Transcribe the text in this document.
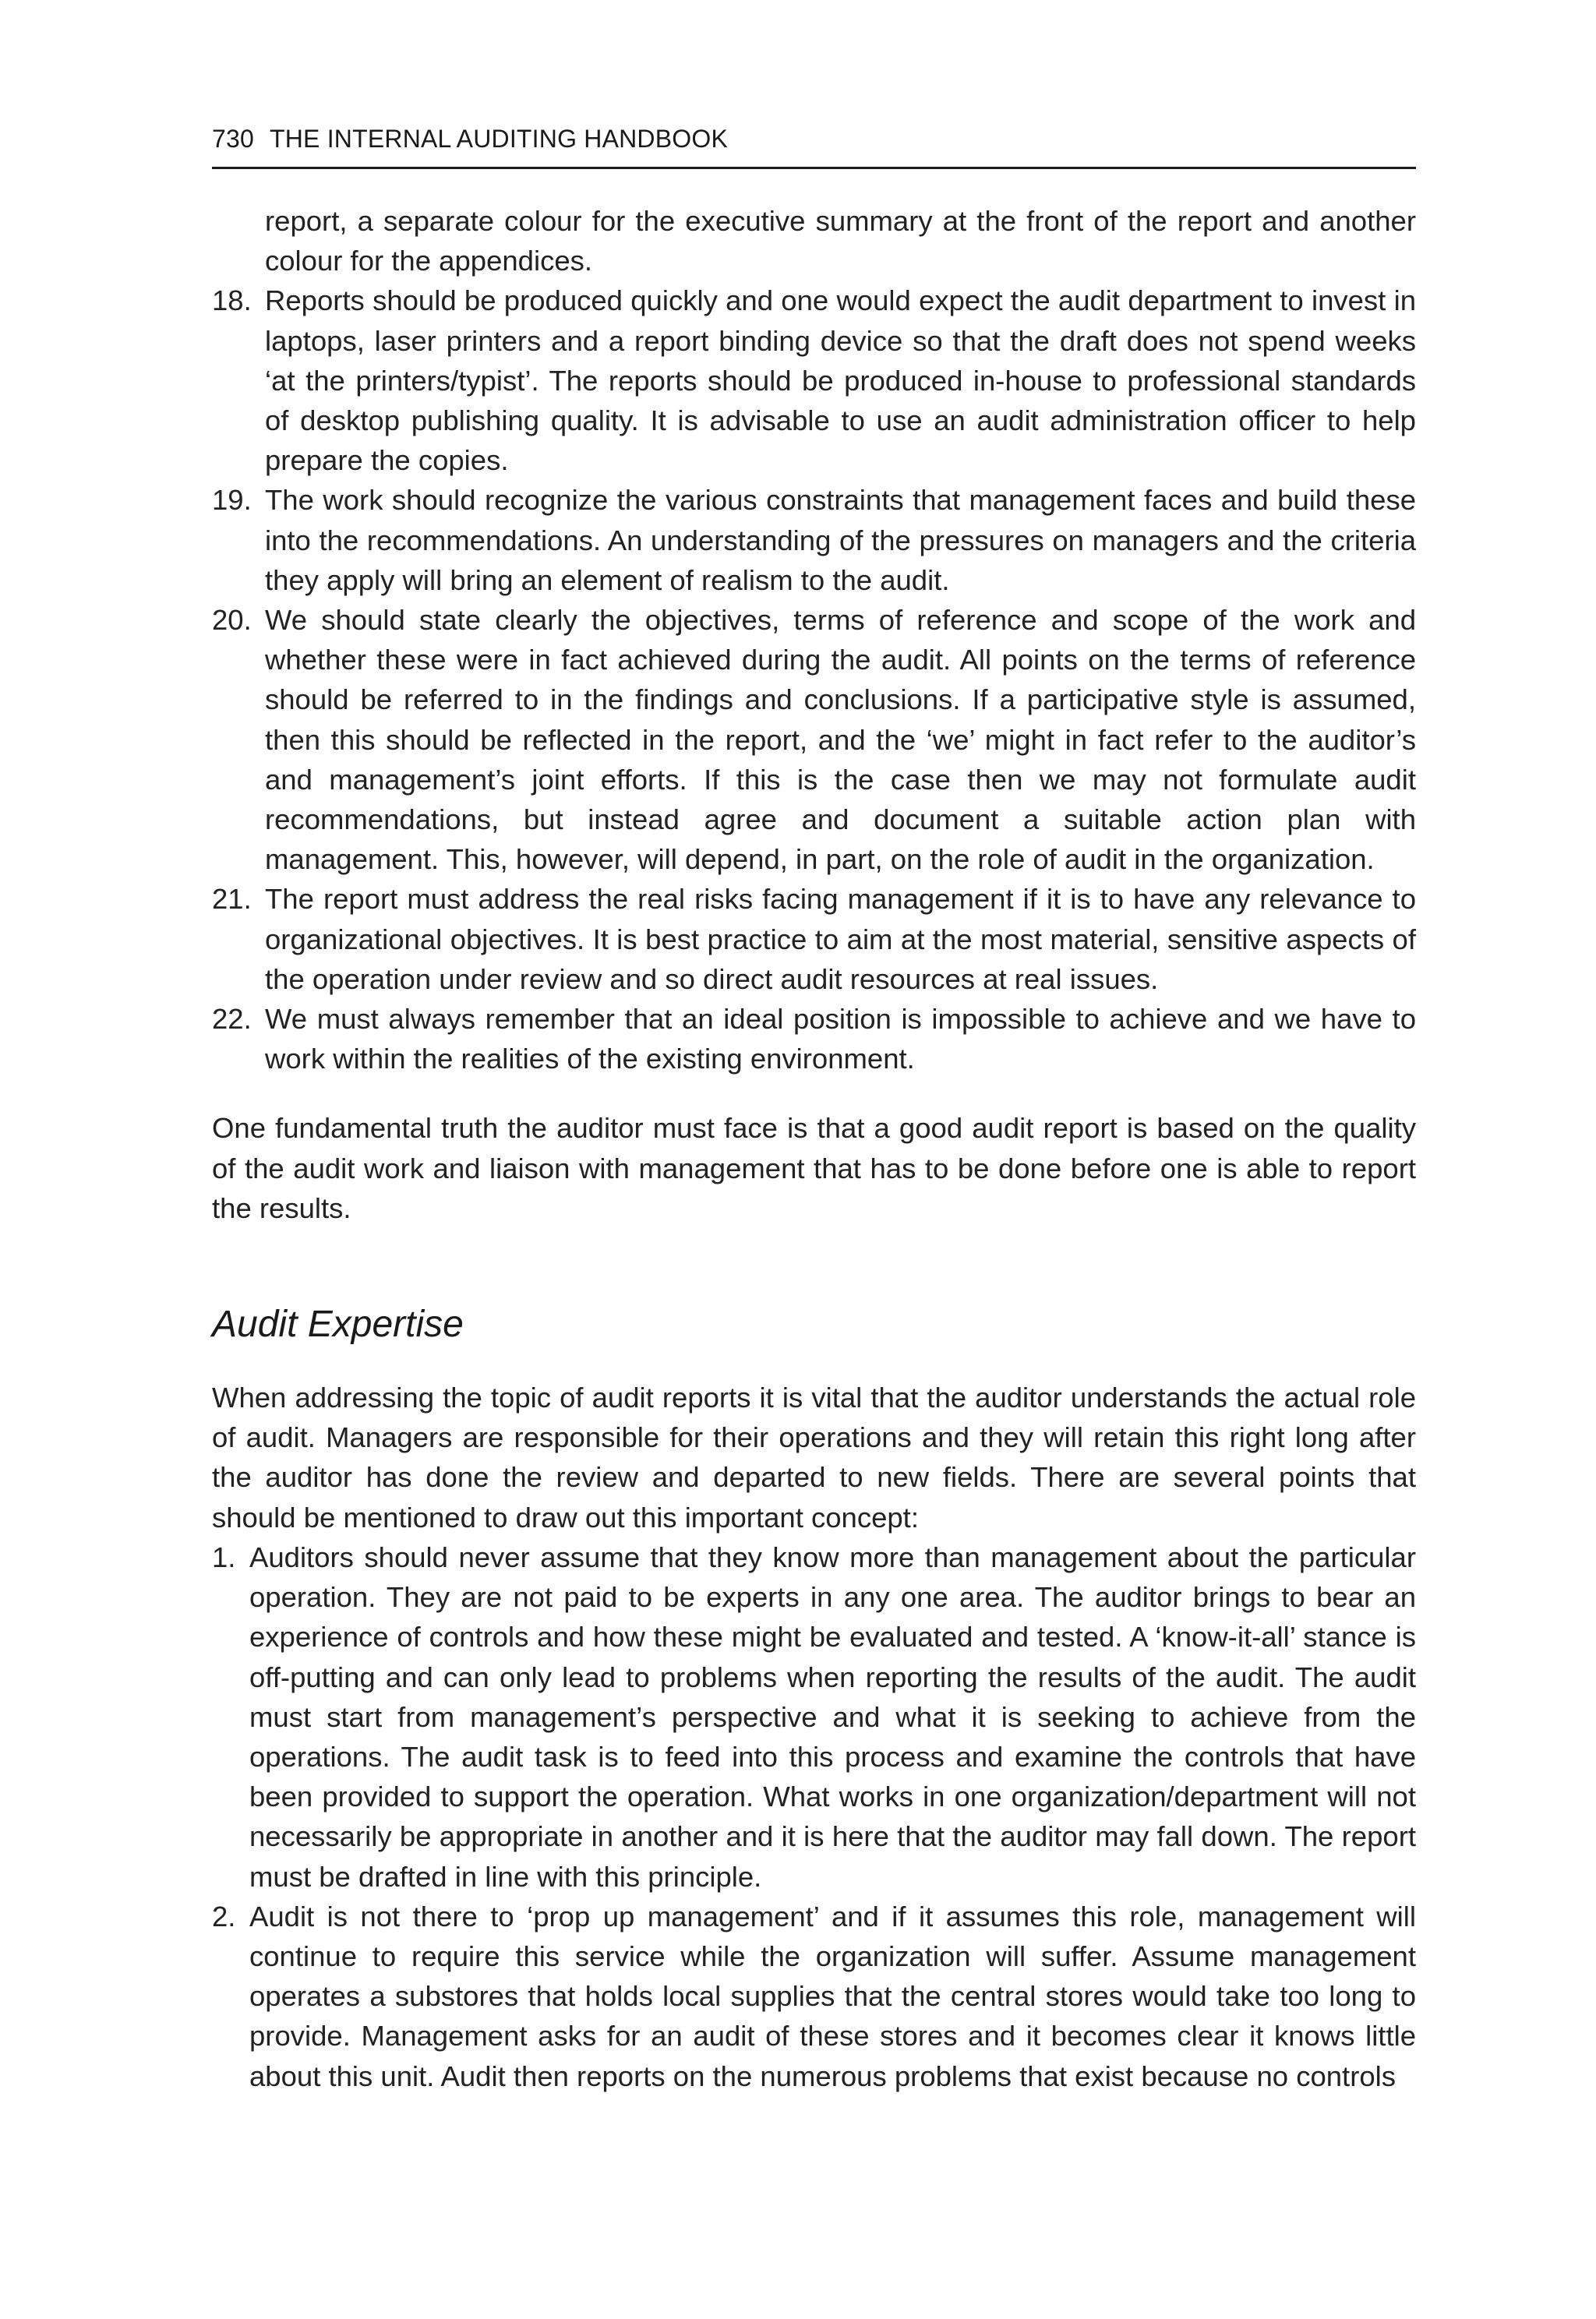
730 THE INTERNAL AUDITING HANDBOOK

report, a separate colour for the executive summary at the front of the report and another colour for the appendices.

18. Reports should be produced quickly and one would expect the audit department to invest in laptops, laser printers and a report binding device so that the draft does not spend weeks ‘at the printers/typist’. The reports should be produced in-house to professional standards of desktop publishing quality. It is advisable to use an audit administration officer to help prepare the copies.
19. The work should recognize the various constraints that management faces and build these into the recommendations. An understanding of the pressures on managers and the criteria they apply will bring an element of realism to the audit.
20. We should state clearly the objectives, terms of reference and scope of the work and whether these were in fact achieved during the audit. All points on the terms of reference should be referred to in the findings and conclusions. If a participative style is assumed, then this should be reflected in the report, and the ‘we’ might in fact refer to the auditor’s and management’s joint efforts. If this is the case then we may not formulate audit recommendations, but instead agree and document a suitable action plan with management. This, however, will depend, in part, on the role of audit in the organization.
21. The report must address the real risks facing management if it is to have any relevance to organizational objectives. It is best practice to aim at the most material, sensitive aspects of the operation under review and so direct audit resources at real issues.
22. We must always remember that an ideal position is impossible to achieve and we have to work within the realities of the existing environment.

One fundamental truth the auditor must face is that a good audit report is based on the quality of the audit work and liaison with management that has to be done before one is able to report the results.

Audit Expertise

When addressing the topic of audit reports it is vital that the auditor understands the actual role of audit. Managers are responsible for their operations and they will retain this right long after the auditor has done the review and departed to new fields. There are several points that should be mentioned to draw out this important concept:

1. Auditors should never assume that they know more than management about the particular operation. They are not paid to be experts in any one area. The auditor brings to bear an experience of controls and how these might be evaluated and tested. A ‘know-it-all’ stance is off-putting and can only lead to problems when reporting the results of the audit. The audit must start from management’s perspective and what it is seeking to achieve from the operations. The audit task is to feed into this process and examine the controls that have been provided to support the operation. What works in one organization/department will not necessarily be appropriate in another and it is here that the auditor may fall down. The report must be drafted in line with this principle.
2. Audit is not there to ‘prop up management’ and if it assumes this role, management will continue to require this service while the organization will suffer. Assume management operates a substores that holds local supplies that the central stores would take too long to provide. Management asks for an audit of these stores and it becomes clear it knows little about this unit. Audit then reports on the numerous problems that exist because no controls
